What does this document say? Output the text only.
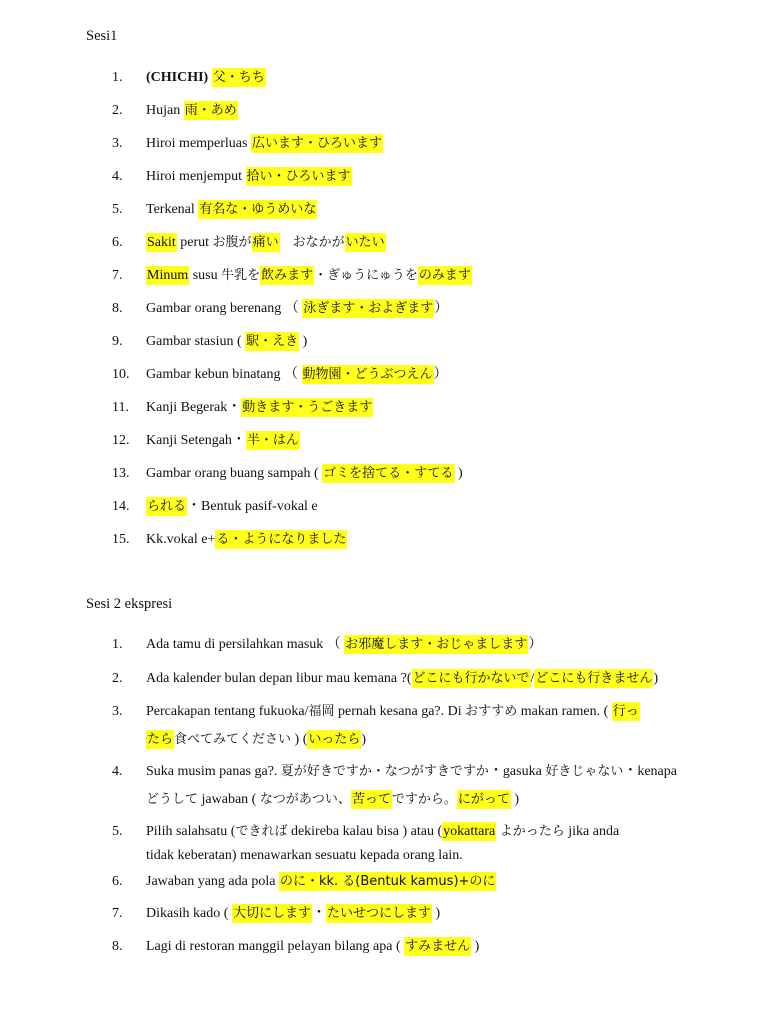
Sesi1
1. (CHICHI) 父・ちち
2. Hujan 雨・あめ
3. Hiroi memperluas 広います・ひろいます
4. Hiroi menjemput 拾い・ひろいます
5. Terkenal 有名な・ゆうめいな
6. Sakit perut お腹が痛い　おなかがいたい
7. Minum susu 牛乳を飲みます・ぎゅうにゅうをのみます
8. Gambar orang berenang （ 泳ぎます・およぎます）
9. Gambar stasiun ( 駅・えき )
10. Gambar kebun binatang （ 動物園・どうぶつえん）
11. Kanji Begerak・動きます・うごきます
12. Kanji Setengah・半・はん
13. Gambar orang buang sampah ( ゴミを捨てる・すてる )
14. られる・Bentuk pasif-vokal e
15. Kk.vokal e+る・ようになりました
Sesi 2 ekspresi
1. Ada tamu di persilahkan masuk （ お邪魔します・おじゃまします）
2. Ada kalender bulan depan libur mau kemana ?(どこにも行かないで/どこにも行きません)
3. Percakapan tentang fukuoka/福岡 pernah kesana ga?. Di おすすめ makan ramen. ( 行っ
たら食べてみてください ) (いったら)
4. Suka musim panas ga?. 夏が好きですか・なつがすきですか・gasuka 好きじゃない・kenapa
どうして jawaban ( なつがあつい、苦ってですから。にがって )
5. Pilih salahsatu (できれば dekireba kalau bisa ) atau (yokattara よかったら jika anda
tidak keberatan) menawarkan sesuatu kepada orang lain.
6. Jawaban yang ada pola のに・kk. る(Bentuk kamus)+のに
7. Dikasih kado ( 大切にします・たいせつにします )
8. Lagi di restoran manggil pelayan bilang apa ( すみません )
